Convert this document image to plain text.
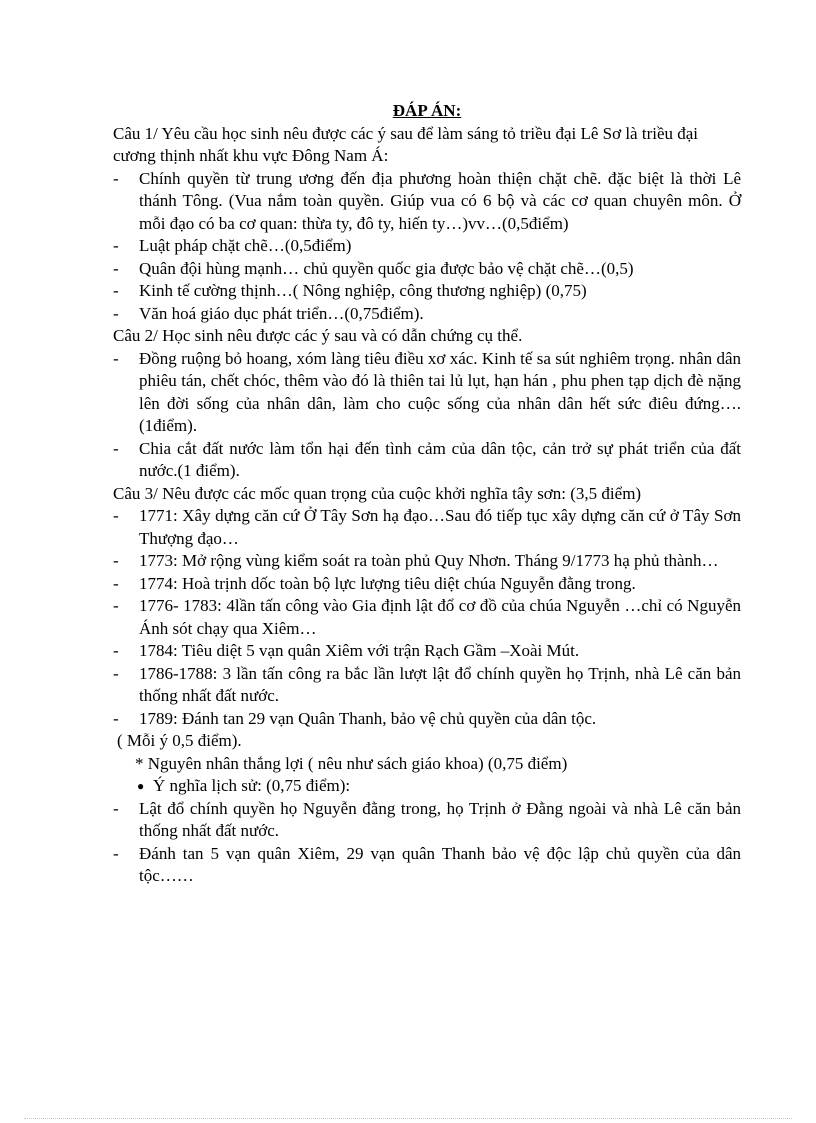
ĐÁP ÁN:

Câu 1/ Yêu cầu học sinh nêu được các ý sau để làm sáng tỏ triều đại Lê Sơ là triều đại cương thịnh nhất khu vực Đông Nam Á:

-	Chính quyền từ trung ương đến địa phương hoàn thiện chặt chẽ. đặc biệt là thời Lê thánh Tông. (Vua nắm toàn quyền. Giúp vua có 6 bộ và các cơ quan chuyên môn. Ở mỗi đạo có ba cơ quan: thừa ty, đô ty, hiến ty…)vv…(0,5điểm)
-	Luật pháp chặt chẽ…(0,5điểm)
-	Quân đội hùng mạnh… chủ quyền quốc gia được bảo vệ chặt chẽ…(0,5)
-	Kinh tế cường thịnh…( Nông nghiệp, công thương nghiệp) (0,75)
-	Văn hoá giáo dục phát triển…(0,75điểm).

Câu 2/ Học sinh nêu được các ý sau và có dẫn chứng cụ thể.

-	Đồng ruộng bỏ hoang, xóm làng tiêu điều xơ xác. Kinh tế sa sút nghiêm trọng. nhân dân phiêu tán, chết chóc, thêm vào đó là thiên tai lủ lụt, hạn hán , phu phen tạp dịch đè nặng lên đời sống của nhân dân, làm cho cuộc sống của nhân dân hết sức điêu đứng….(1điểm).
-	Chia cắt đất nước làm tổn hại đến tình cảm của dân tộc, cản trở sự phát triển của đất nước.(1 điểm).

Câu 3/ Nêu được các mốc quan trọng của cuộc khởi nghĩa tây sơn: (3,5 điểm)

-	1771: Xây dựng căn cứ Ở Tây Sơn hạ đạo…Sau đó tiếp tục xây dựng căn cứ ở Tây Sơn Thượng đạo…
-	1773: Mở rộng vùng kiểm soát ra toàn phủ Quy Nhơn. Tháng 9/1773 hạ phủ thành…
-	1774: Hoà trịnh dốc toàn bộ lực lượng tiêu diệt chúa Nguyễn đằng trong.
-	1776- 1783: 4lần tấn công vào Gia định lật đổ cơ đồ của chúa Nguyễn …chỉ có Nguyễn Ánh sót chạy qua Xiêm…
-	1784: Tiêu diệt 5 vạn quân Xiêm với trận Rạch Gầm –Xoài Mút.
-	1786-1788: 3 lần tấn công ra bắc lần lượt lật đổ chính quyền họ Trịnh, nhà Lê căn bản thống nhất đất nước.
-	1789: Đánh tan 29 vạn Quân Thanh, bảo vệ chủ quyền của dân tộc.

( Mỗi ý 0,5 điểm).

* Nguyên nhân thắng lợi ( nêu như sách giáo khoa) (0,75 điểm)

● Ý nghĩa lịch sử: (0,75 điểm):
-	Lật đổ chính quyền họ Nguyễn đằng trong, họ Trịnh ở Đằng ngoài và nhà Lê căn bản thống nhất đất nước.
-	Đánh tan 5 vạn quân Xiêm, 29 vạn quân Thanh bảo vệ độc lập chủ quyền của dân tộc……
